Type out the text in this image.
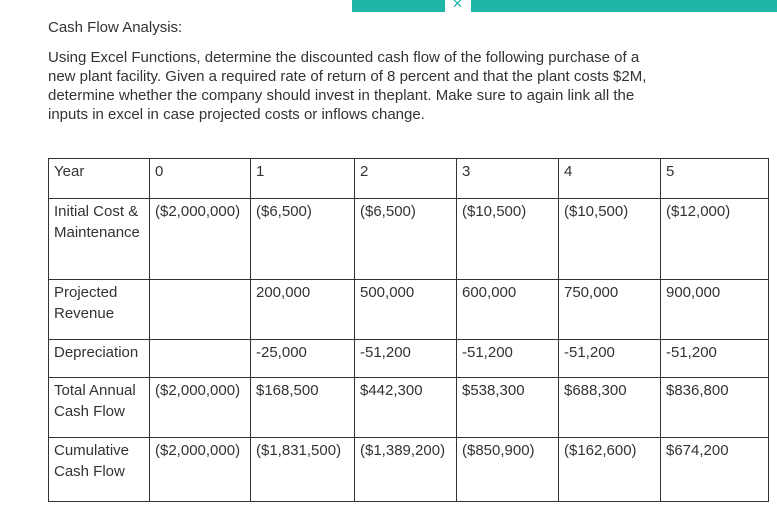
✕
Cash Flow Analysis:

Using Excel Functions, determine the discounted cash flow of the following purchase of a new plant facility. Given a required rate of return of 8 percent and that the plant costs $2M, determine whether the company should invest in theplant. Make sure to again link all the inputs in excel in case projected costs or inflows change.

Year	0	1	2	3	4	5
Initial Cost & Maintenance	($2,000,000)	($6,500)	($6,500)	($10,500)	($10,500)	($12,000)
Projected Revenue		200,000	500,000	600,000	750,000	900,000
Depreciation		-25,000	-51,200	-51,200	-51,200	-51,200
Total Annual Cash Flow	($2,000,000)	$168,500	$442,300	$538,300	$688,300	$836,800
Cumulative Cash Flow	($2,000,000)	($1,831,500)	($1,389,200)	($850,900)	($162,600)	$674,200
